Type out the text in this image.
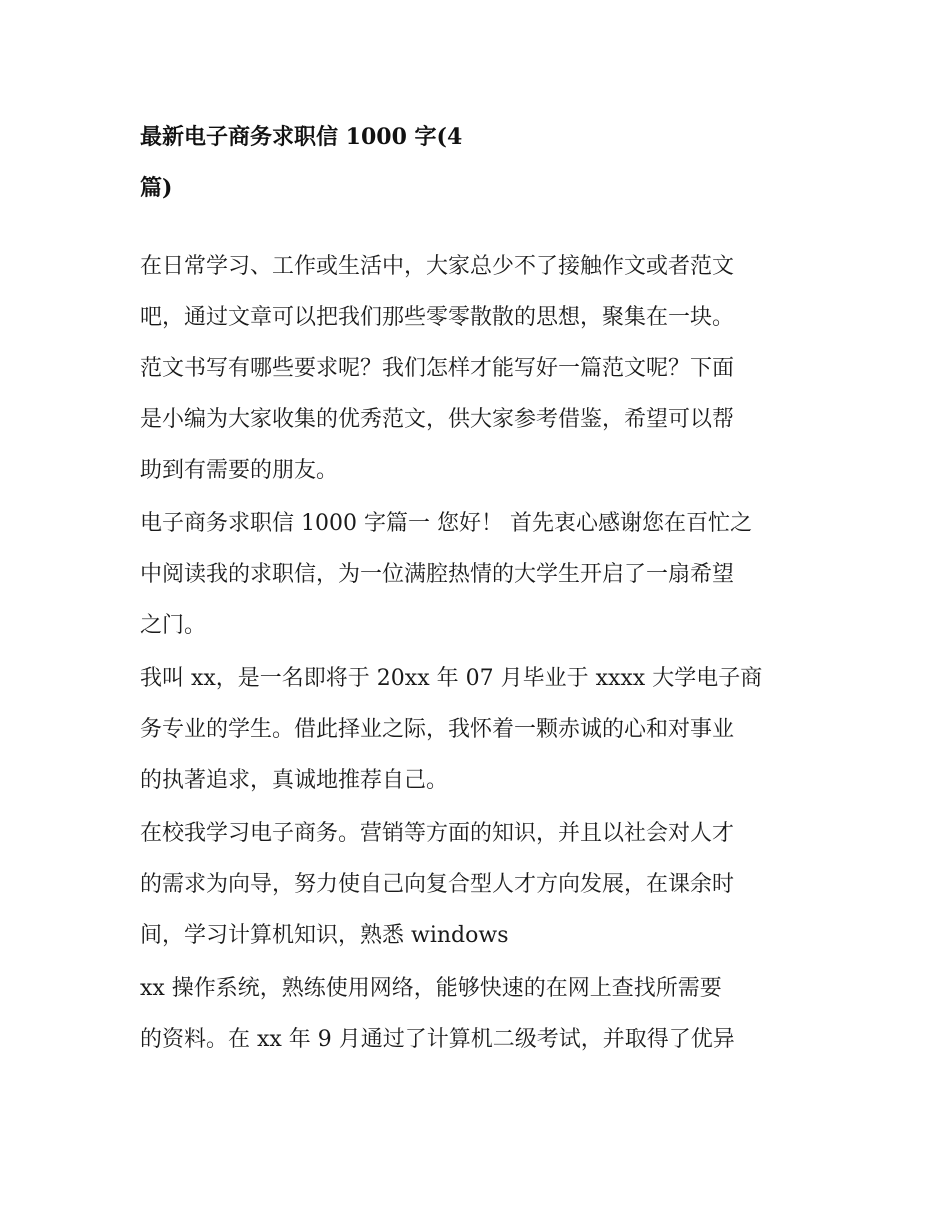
最新电子商务求职信 1000 字(4
篇)

在日常学习、工作或生活中，大家总少不了接触作文或者范文
吧，通过文章可以把我们那些零零散散的思想，聚集在一块。
范文书写有哪些要求呢？我们怎样才能写好一篇范文呢？下面
是小编为大家收集的优秀范文，供大家参考借鉴，希望可以帮
助到有需要的朋友。

电子商务求职信 1000 字篇一 您好！ 首先衷心感谢您在百忙之
中阅读我的求职信，为一位满腔热情的大学生开启了一扇希望
之门。

我叫 xx，是一名即将于 20xx 年 07 月毕业于 xxxx 大学电子商
务专业的学生。借此择业之际，我怀着一颗赤诚的心和对事业
的执著追求，真诚地推荐自己。

在校我学习电子商务。营销等方面的知识，并且以社会对人才
的需求为向导，努力使自己向复合型人才方向发展，在课余时
间，学习计算机知识，熟悉 windows

xx 操作系统，熟练使用网络，能够快速的在网上查找所需要
的资料。在 xx 年 9 月通过了计算机二级考试，并取得了优异
